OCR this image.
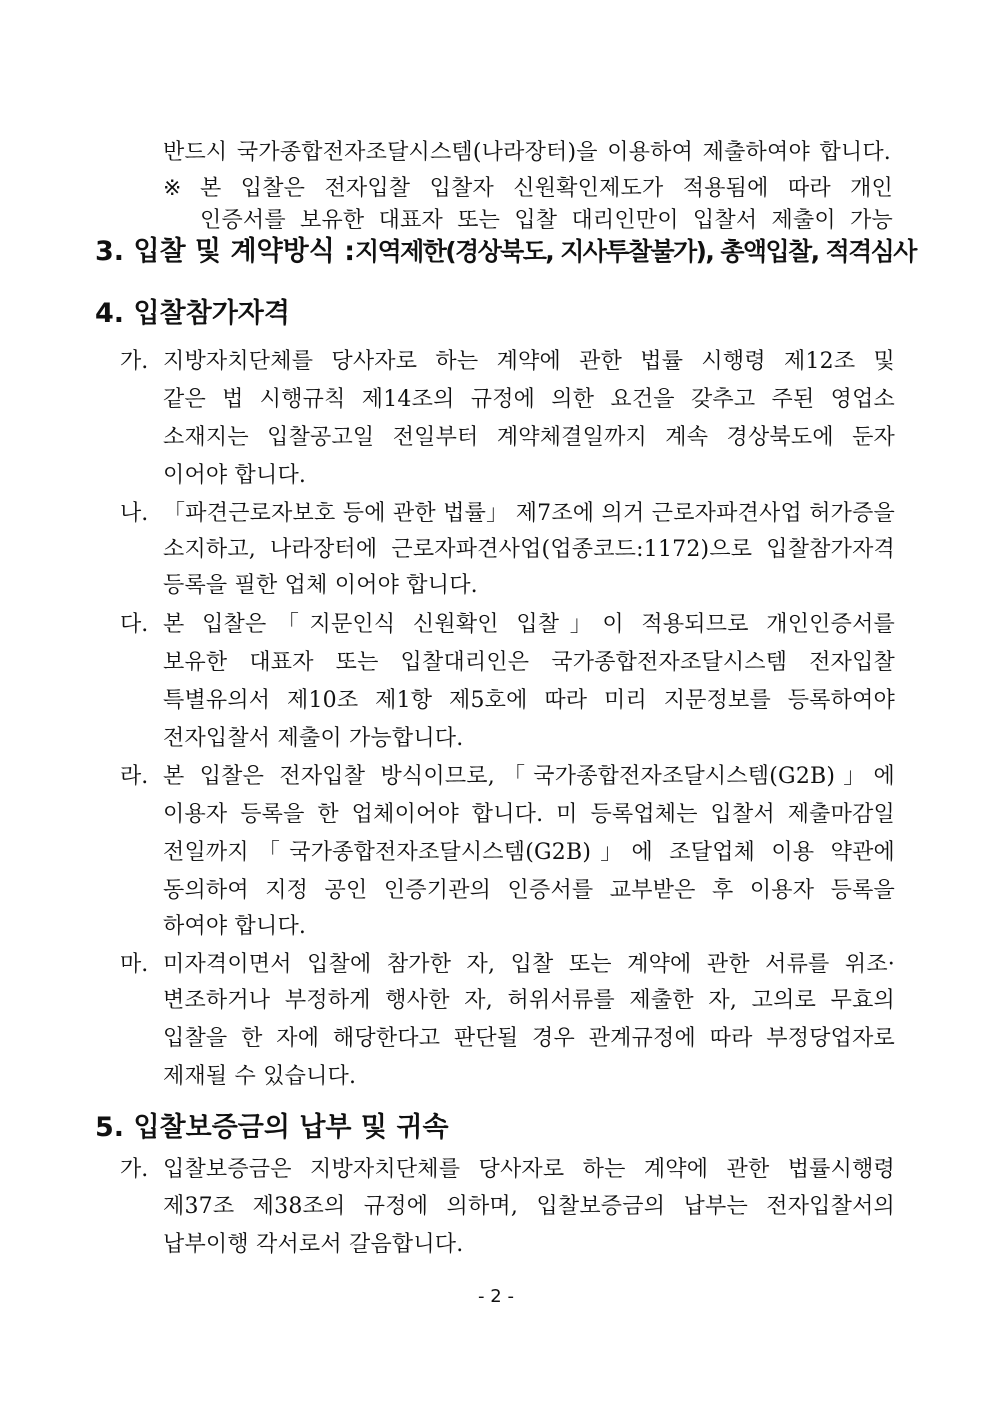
반드시 국가종합전자조달시스템(나라장터)을 이용하여 제출하여야 합니다.
※ 본 입찰은 전자입찰 입찰자 신원확인제도가 적용됨에 따라 개인
인증서를 보유한 대표자 또는 입찰 대리인만이 입찰서 제출이 가능
3. 입찰 및 계약방식 : 지역제한(경상북도, 지사투찰불가), 총액입찰, 적격심사
4. 입찰참가자격
가. 지방자치단체를 당사자로 하는 계약에 관한 법률 시행령 제12조 및
같은 법 시행규칙 제14조의 규정에 의한 요건을 갖추고 주된 영업소
소재지는 입찰공고일 전일부터 계약체결일까지 계속 경상북도에 둔자
이어야 합니다.
나. 「파견근로자보호 등에 관한 법률」 제7조에 의거 근로자파견사업 허가증을
소지하고, 나라장터에 근로자파견사업(업종코드:1172)으로 입찰참가자격
등록을 필한 업체 이어야 합니다.
다. 본 입찰은「지문인식 신원확인 입찰」이 적용되므로 개인인증서를
보유한 대표자 또는 입찰대리인은 국가종합전자조달시스템 전자입찰
특별유의서 제10조 제1항 제5호에 따라 미리 지문정보를 등록하여야
전자입찰서 제출이 가능합니다.
라. 본 입찰은 전자입찰 방식이므로,「국가종합전자조달시스템(G2B)」에
이용자 등록을 한 업체이어야 합니다. 미 등록업체는 입찰서 제출마감일
전일까지「국가종합전자조달시스템(G2B)」에 조달업체 이용 약관에
동의하여 지정 공인 인증기관의 인증서를 교부받은 후 이용자 등록을
하여야 합니다.
마. 미자격이면서 입찰에 참가한 자, 입찰 또는 계약에 관한 서류를 위조·
변조하거나 부정하게 행사한 자, 허위서류를 제출한 자, 고의로 무효의
입찰을 한 자에 해당한다고 판단될 경우 관계규정에 따라 부정당업자로
제재될 수 있습니다.
5. 입찰보증금의 납부 및 귀속
가. 입찰보증금은 지방자치단체를 당사자로 하는 계약에 관한 법률시행령
제37조 제38조의 규정에 의하며, 입찰보증금의 납부는 전자입찰서의
납부이행 각서로서 갈음합니다.
- 2 -
